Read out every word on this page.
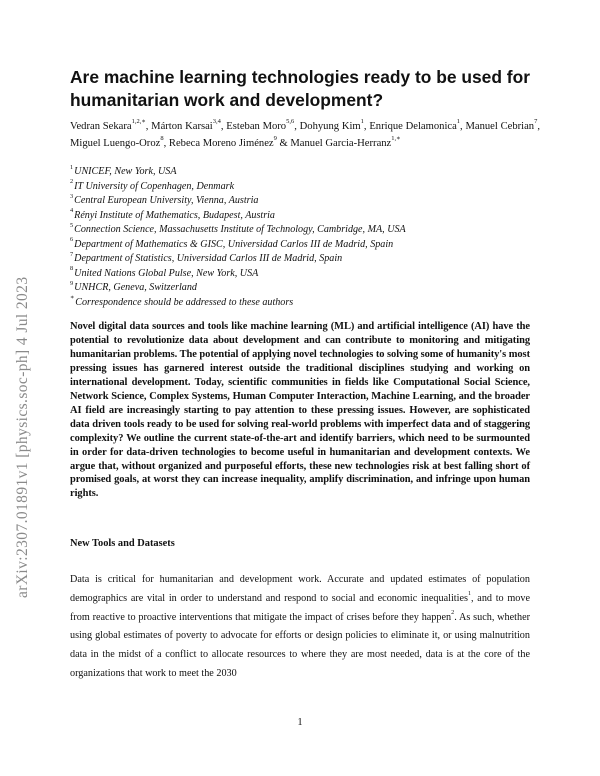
arXiv:2307.01891v1 [physics.soc-ph] 4 Jul 2023
Are machine learning technologies ready to be used for humanitarian work and development?

Vedran Sekara$^{1,2,∗}$, Márton Karsai$^{3,4}$, Esteban Moro$^{5,6}$, Dohyung Kim$^1$, Enrique Delamonica$^1$, Manuel Cebrian$^7$, Miguel Luengo-Oroz$^8$, Rebeca Moreno Jiménez$^9$ & Manuel Garcia-Herranz$^{1,∗}$

$^1$UNICEF, New York, USA
$^2$IT University of Copenhagen, Denmark
$^3$Central European University, Vienna, Austria
$^4$Rényi Institute of Mathematics, Budapest, Austria
$^5$Connection Science, Massachusetts Institute of Technology, Cambridge, MA, USA
$^6$Department of Mathematics & GISC, Universidad Carlos III de Madrid, Spain
$^7$Department of Statistics, Universidad Carlos III de Madrid, Spain
$^8$United Nations Global Pulse, New York, USA
$^9$UNHCR, Geneva, Switzerland
∗Correspondence should be addressed to these authors

Novel digital data sources and tools like machine learning (ML) and artificial intelligence (AI) have the potential to revolutionize data about development and can contribute to monitoring and mitigating humanitarian problems. The potential of applying novel technologies to solving some of humanity's most pressing issues has garnered interest outside the traditional disciplines studying and working on international development. Today, scientific communities in fields like Computational Social Science, Network Science, Complex Systems, Human Computer Interaction, Machine Learning, and the broader AI field are increasingly starting to pay attention to these pressing issues. However, are sophisticated data driven tools ready to be used for solving real-world problems with imperfect data and of staggering complexity? We outline the current state-of-the-art and identify barriers, which need to be surmounted in order for data-driven technologies to become useful in humanitarian and development contexts. We argue that, without organized and purposeful efforts, these new technologies risk at best falling short of promised goals, at worst they can increase inequality, amplify discrimination, and infringe upon human rights.

New Tools and Datasets

Data is critical for humanitarian and development work. Accurate and updated estimates of population demographics are vital in order to understand and respond to social and economic inequalities$^1$, and to move from reactive to proactive interventions that mitigate the impact of crises before they happen$^2$. As such, whether using global estimates of poverty to advocate for efforts or design policies to eliminate it, or using malnutrition data in the midst of a conflict to allocate resources to where they are most needed, data is at the core of the organizations that work to meet the 2030

1
